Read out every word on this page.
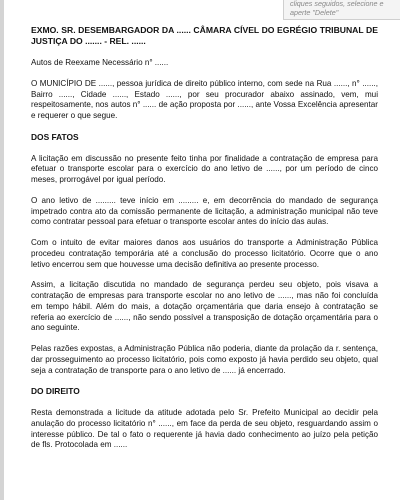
cliques seguidos, selecione e
aperte "Delete"

EXMO. SR. DESEMBARGADOR DA ...... CÂMARA CÍVEL DO EGRÉGIO TRIBUNAL DE JUSTIÇA DO ....... - REL. ......

Autos de Reexame Necessário n° ......

O MUNICÍPIO DE ......, pessoa jurídica de direito público interno, com sede na Rua ......, n° ......, Bairro ......, Cidade ......, Estado ......, por seu procurador abaixo assinado, vem, mui respeitosamente, nos autos n° ...... de ação proposta por ......, ante Vossa Excelência apresentar e requerer o que segue.

DOS FATOS

A licitação em discussão no presente feito tinha por finalidade a contratação de empresa para efetuar o transporte escolar para o exercício do ano letivo de ......, por um período de cinco meses, prorrogável por igual período.

O ano letivo de ......... teve início em ......... e, em decorrência do mandado de segurança impetrado contra ato da comissão permanente de licitação, a administração municipal não teve como contratar pessoal para efetuar o transporte escolar antes do início das aulas.

Com o intuito de evitar maiores danos aos usuários do transporte a Administração Pública procedeu contratação temporária até a conclusão do processo licitatório. Ocorre que o ano letivo encerrou sem que houvesse uma decisão definitiva ao presente processo.

Assim, a licitação discutida no mandado de segurança perdeu seu objeto, pois visava a contratação de empresas para transporte escolar no ano letivo de ......, mas não foi concluída em tempo hábil. Além do mais, a dotação orçamentária que daria ensejo à contratação se referia ao exercício de ......, não sendo possível a transposição de dotação orçamentária para o ano seguinte.

Pelas razões expostas, a Administração Pública não poderia, diante da prolação da r. sentença, dar prosseguimento ao processo licitatório, pois como exposto já havia perdido seu objeto, qual seja a contratação de transporte para o ano letivo de ...... já encerrado.

DO DIREITO

Resta demonstrada a licitude da atitude adotada pelo Sr. Prefeito Municipal ao decidir pela anulação do processo licitatório n° ......, em face da perda de seu objeto, resguardando assim o interesse público. De tal o fato o requerente já havia dado conhecimento ao juízo pela petição de fls. Protocolada em ......
